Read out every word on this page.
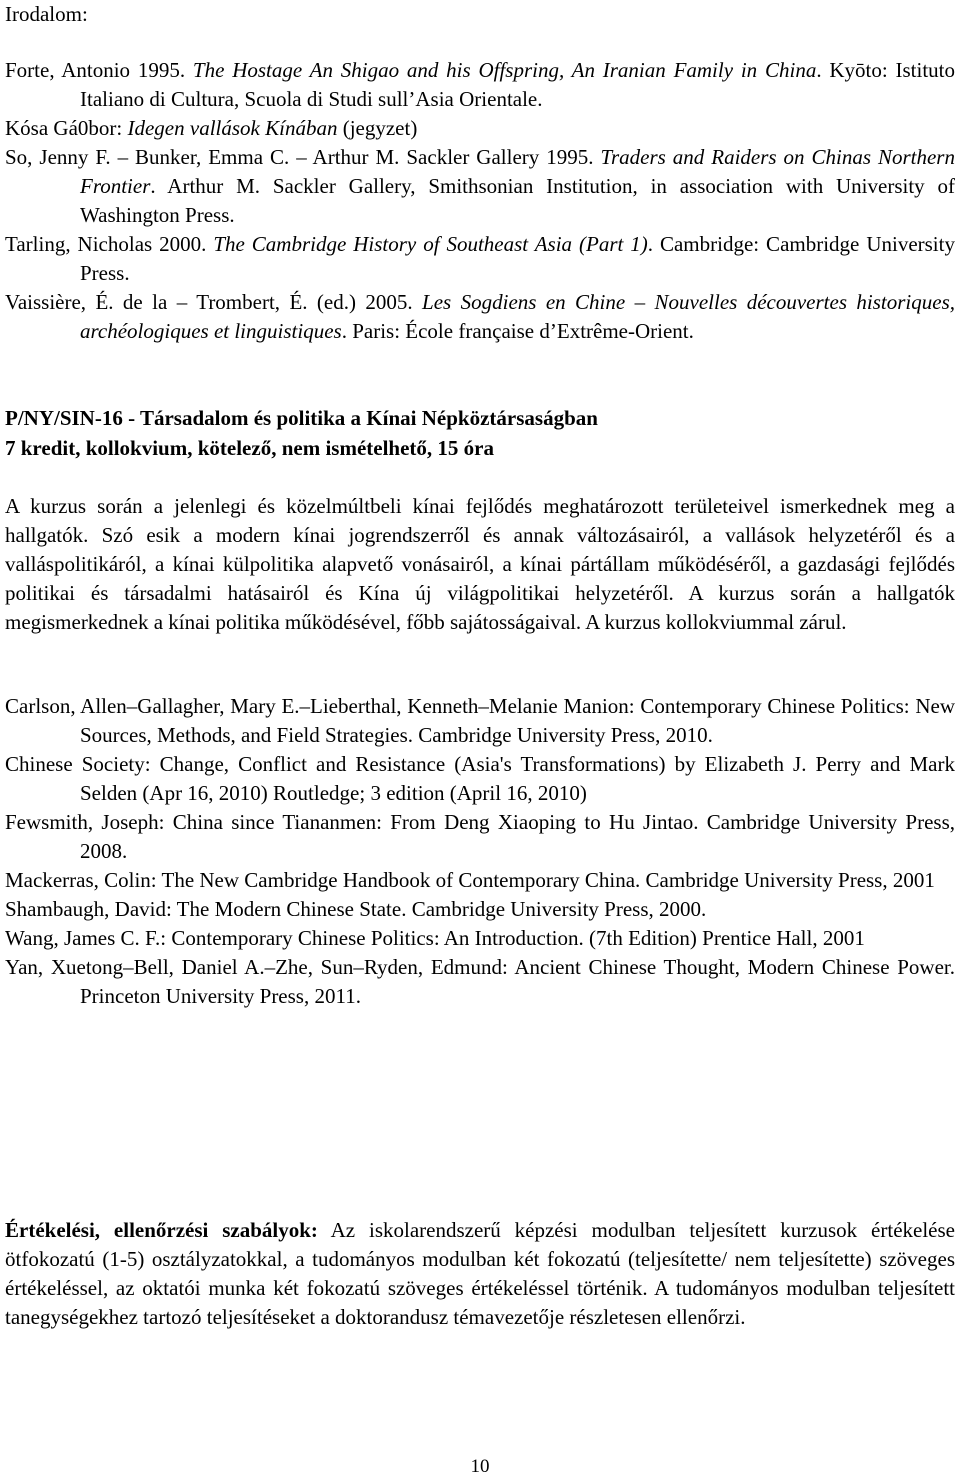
Irodalom:

Forte, Antonio 1995. The Hostage An Shigao and his Offspring, An Iranian Family in China. Kyōto: Istituto Italiano di Cultura, Scuola di Studi sull’Asia Orientale.

Kósa Gá0bor: Idegen vallások Kínában (jegyzet)

So, Jenny F. – Bunker, Emma C. – Arthur M. Sackler Gallery 1995. Traders and Raiders on Chinas Northern Frontier. Arthur M. Sackler Gallery, Smithsonian Institution, in association with University of Washington Press.

Tarling, Nicholas 2000. The Cambridge History of Southeast Asia (Part 1). Cambridge: Cambridge University Press.

Vaissière, É. de la – Trombert, É. (ed.) 2005. Les Sogdiens en Chine – Nouvelles découvertes historiques, archéologiques et linguistiques. Paris: École française d’Extrême-Orient.

P/NY/SIN-16 - Társadalom és politika a Kínai Népköztársaságban
7 kredit, kollokvium, kötelező, nem ismételhető, 15 óra
A kurzus során a jelenlegi és közelmúltbeli kínai fejlődés meghatározott területeivel ismerkednek meg a hallgatók. Szó esik a modern kínai jogrendszerről és annak változásairól, a vallások helyzetéről és a valláspolitikáról, a kínai külpolitika alapvető vonásairól, a kínai pártállam működéséről, a gazdasági fejlődés politikai és társadalmi hatásairól és Kína új világpolitikai helyzetéről. A kurzus során a hallgatók megismerkednek a kínai politika működésével, főbb sajátosságaival. A kurzus kollokviummal zárul.

Carlson, Allen–Gallagher, Mary E.–Lieberthal, Kenneth–Melanie Manion: Contemporary Chinese Politics: New Sources, Methods, and Field Strategies. Cambridge University Press, 2010.

Chinese Society: Change, Conflict and Resistance (Asia's Transformations) by Elizabeth J. Perry and Mark Selden (Apr 16, 2010) Routledge; 3 edition (April 16, 2010)

Fewsmith, Joseph: China since Tiananmen: From Deng Xiaoping to Hu Jintao. Cambridge University Press, 2008.

Mackerras, Colin: The New Cambridge Handbook of Contemporary China. Cambridge University Press, 2001

Shambaugh, David: The Modern Chinese State. Cambridge University Press, 2000.

Wang, James C. F.: Contemporary Chinese Politics: An Introduction. (7th Edition) Prentice Hall, 2001

Yan, Xuetong–Bell, Daniel A.–Zhe, Sun–Ryden, Edmund: Ancient Chinese Thought, Modern Chinese Power. Princeton University Press, 2011.

Értékelési, ellenőrzési szabályok: Az iskolarendszerű képzési modulban teljesített kurzusok értékelése ötfokozatú (1-5) osztályzatokkal, a tudományos modulban két fokozatú (teljesítette/ nem teljesítette) szöveges értékeléssel, az oktatói munka két fokozatú szöveges értékeléssel történik. A tudományos modulban teljesített tanegységekhez tartozó teljesítéseket a doktorandusz témavezetője részletesen ellenőrzi.
10
